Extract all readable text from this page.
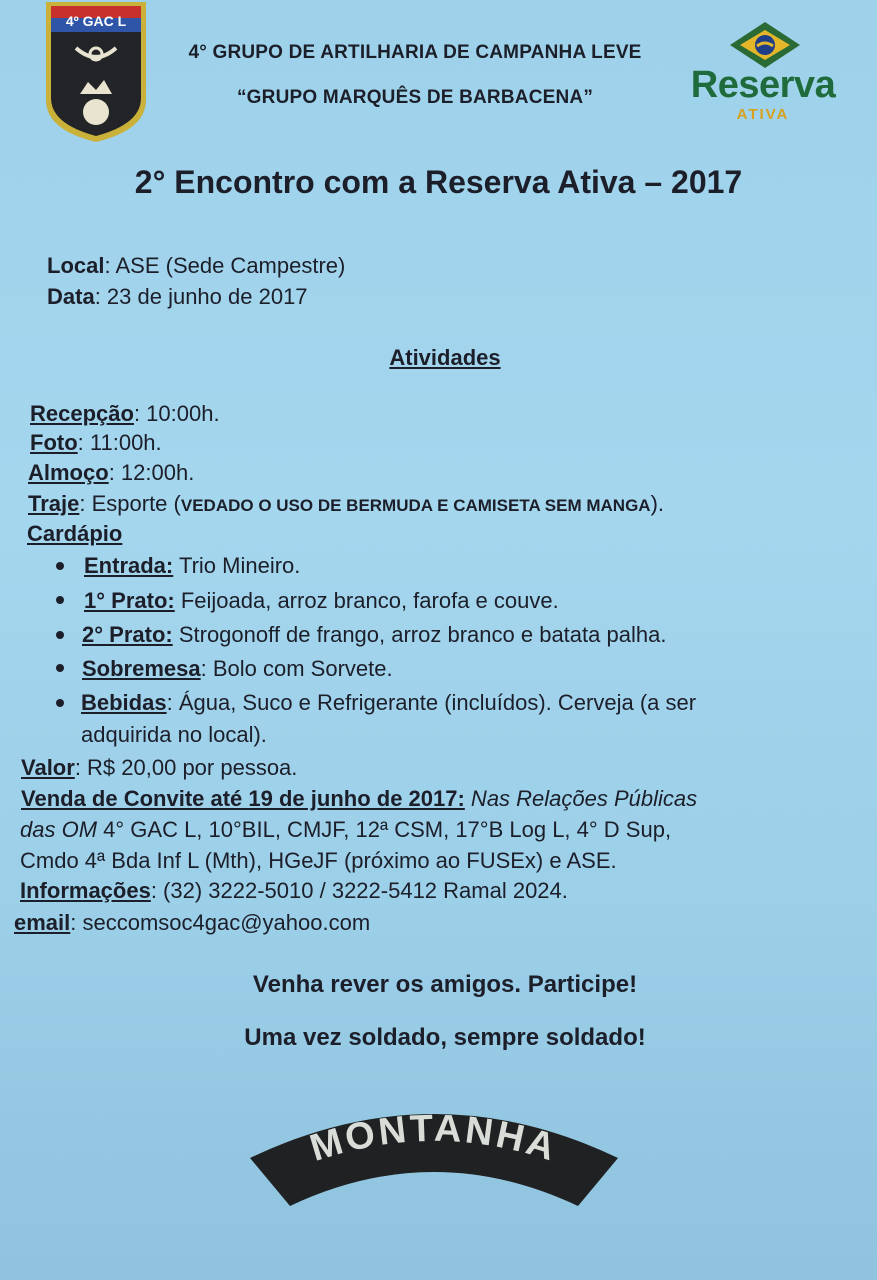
4º GAC L
4° GRUPO DE ARTILHARIA DE CAMPANHA LEVE
“GRUPO MARQUÊS DE BARBACENA”	Reserva
ATIVA
2° Encontro com a Reserva Ativa – 2017
Local: ASE (Sede Campestre)
Data: 23 de junho de 2017
Atividades
Recepção: 10:00h.
Foto: 11:00h.
Almoço: 12:00h.
Traje: Esporte (VEDADO O USO DE BERMUDA E CAMISETA SEM MANGA).
Cardápio
Entrada: Trio Mineiro.
1° Prato: Feijoada, arroz branco, farofa e couve.
2° Prato: Strogonoff de frango, arroz branco e batata palha.
Sobremesa: Bolo com Sorvete.
Bebidas: Água, Suco e Refrigerante (incluídos). Cerveja (a ser
adquirida no local).
Valor: R$ 20,00 por pessoa.
Venda de Convite até 19 de junho de 2017: Nas Relações Públicas
das OM 4° GAC L, 10°BIL, CMJF, 12ª CSM, 17°B Log L, 4° D Sup,
Cmdo 4ª Bda Inf L (Mth), HGeJF (próximo ao FUSEx) e ASE.
Informações: (32) 3222-5010 / 3222-5412 Ramal 2024.
email: seccomsoc4gac@yahoo.com
Venha rever os amigos. Participe!
Uma vez soldado, sempre soldado!
MONTANHA
